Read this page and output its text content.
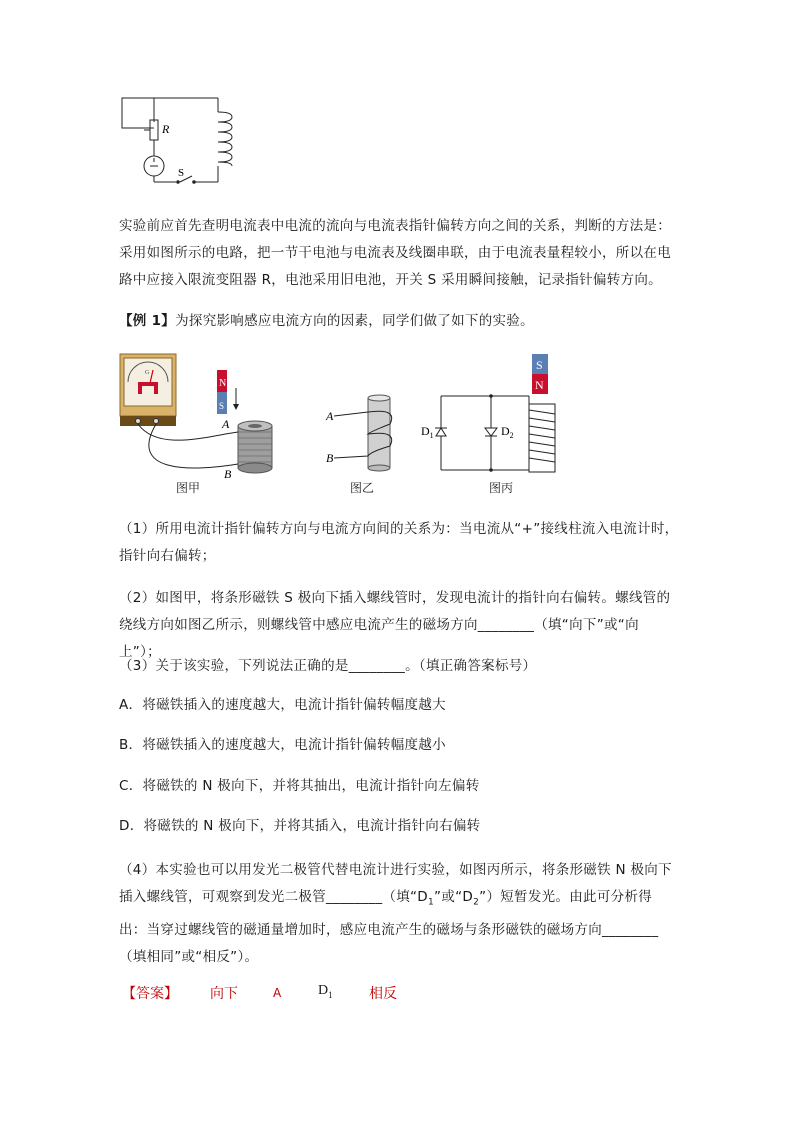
R
S
实验前应首先查明电流表中电流的流向与电流表指针偏转方向之间的关系，判断的方法是：采用如图所示的电路，把一节干电池与电流表及线圈串联，由于电流表量程较小，所以在电路中应接入限流变阻器 R，电池采用旧电池，开关 S 采用瞬间接触，记录指针偏转方向。
【例 1】为探究影响感应电流方向的因素，同学们做了如下的实验。
G
N
S
A
B
图甲
A
B
图乙
S
N
$D_1$	$D_2$
图丙
（1）所用电流计指针偏转方向与电流方向间的关系为：当电流从“+”接线柱流入电流计时，指针向右偏转；
（2）如图甲，将条形磁铁 S 极向下插入螺线管时，发现电流计的指针向右偏转。螺线管的绕线方向如图乙所示，则螺线管中感应电流产生的磁场方向________（填“向下”或“向上”）；
（3）关于该实验，下列说法正确的是________。（填正确答案标号）
A．将磁铁插入的速度越大，电流计指针偏转幅度越大
B．将磁铁插入的速度越大，电流计指针偏转幅度越小
C．将磁铁的 N 极向下，并将其抽出，电流计指针向左偏转
D．将磁铁的 N 极向下，并将其插入，电流计指针向右偏转
（4）本实验也可以用发光二极管代替电流计进行实验，如图丙所示，将条形磁铁 N 极向下插入螺线管，可观察到发光二极管________（填“$D_1$”或“$D_2$”）短暂发光。由此可分析得出：当穿过螺线管的磁通量增加时，感应电流产生的磁场与条形磁铁的磁场方向________（填相同”或“相反”）。
【答案】 向下	A	$D_1$	相反
